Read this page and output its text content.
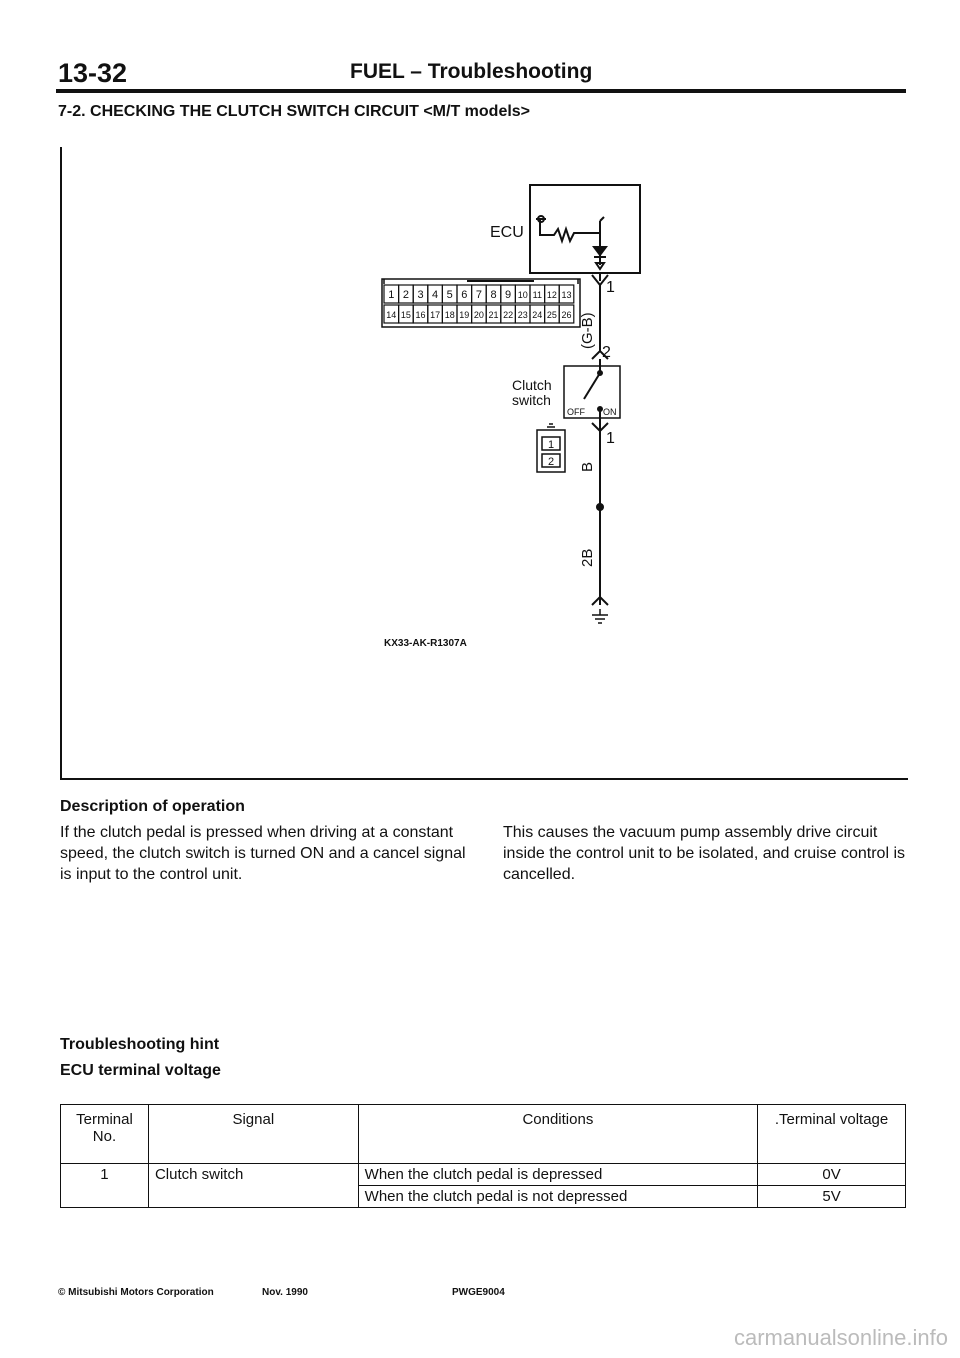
13-32	FUEL – Troubleshooting
7-2. CHECKING THE CLUTCH SWITCH CIRCUIT <M/T models>
ECU
1 2 3 4 5 6 7 8 9 10 11 12 13
14 15 16 17 18 19 20 21 22 23 24 25 26
1
2
(G-B)
Clutch
switch
OFF ON
1
B
2B
1
2
KX33-AK-R1307A
Description of operation
If the clutch pedal is pressed when driving at a constant speed, the clutch switch is turned ON and a cancel signal is input to the control unit.
This causes the vacuum pump assembly drive circuit inside the control unit to be isolated, and cruise control is cancelled.
Troubleshooting hint
ECU terminal voltage
Terminal No.	Signal	Conditions	.Terminal voltage
1	Clutch switch	When the clutch pedal is depressed	0V
		When the clutch pedal is not depressed	5V
© Mitsubishi Motors Corporation	Nov. 1990	PWGE9004
carmanualsonline.info
